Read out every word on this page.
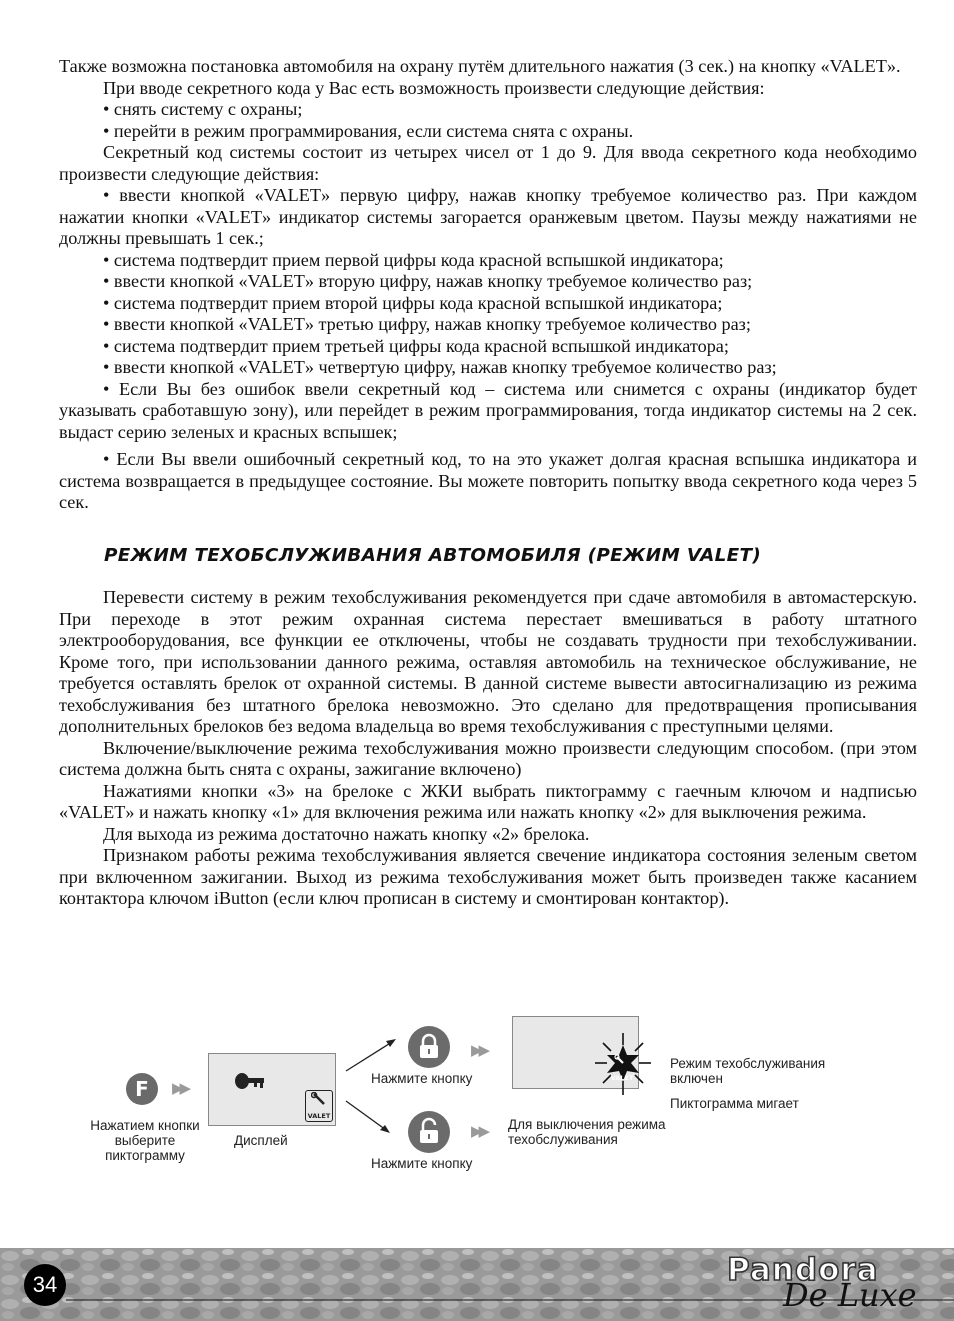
Также возможна постановка автомобиля на охрану путём длительного нажатия (3 сек.) на кнопку «VALET».

При вводе секретного кода у Вас есть возможность произвести следующие действия:

• снять систему с охраны;

• перейти в режим программирования, если система снята с охраны.

Секретный код системы состоит из четырех чисел от 1 до 9. Для ввода секретного кода необходимо произвести следующие действия:

• ввести кнопкой «VALET» первую цифру, нажав кнопку требуемое количество раз. При каждом нажатии кнопки «VALET» индикатор системы загорается оранжевым цветом. Паузы между нажатиями не должны превышать 1 сек.;

• система подтвердит прием первой цифры кода красной вспышкой индикатора;

• ввести кнопкой «VALET» вторую цифру, нажав кнопку требуемое количество раз;

• система подтвердит прием второй цифры кода красной вспышкой индикатора;

• ввести кнопкой «VALET» третью цифру, нажав кнопку требуемое количество раз;

• система подтвердит прием третьей цифры кода красной вспышкой индикатора;

• ввести кнопкой «VALET» четвертую цифру, нажав кнопку требуемое количество раз;

• Если Вы без ошибок ввели секретный код – система или снимется с охраны (индикатор будет указывать сработавшую зону), или перейдет в режим программирования, тогда индикатор системы на 2 сек. выдаст серию зеленых и красных вспышек;

• Если Вы ввели ошибочный секретный код, то на это укажет долгая красная вспышка индикатора и система возвращается в предыдущее состояние. Вы можете повторить попытку ввода секретного кода через 5 сек.

РЕЖИМ ТЕХОБСЛУЖИВАНИЯ АВТОМОБИЛЯ (РЕЖИМ VALET)

Перевести систему в режим техобслуживания рекомендуется при сдаче автомобиля в автомастерскую. При переходе в этот режим охранная система перестает вмешиваться в работу штатного электрооборудования, все функции ее отключены, чтобы не создавать трудности при техобслуживании. Кроме того, при использовании данного режима, оставляя автомобиль на техническое обслуживание, не требуется оставлять брелок от охранной системы. В данной системе вывести автосигнализацию из режима техобслуживания без штатного брелока невозможно. Это сделано для предотвращения прописывания дополнительных брелоков без ведома владельца во время техобслуживания с преступными целями.

Включение/выключение режима техобслуживания можно произвести следующим способом. (при этом система должна быть снята с охраны, зажигание включено)

Нажатиями кнопки «3» на брелоке с ЖКИ выбрать пиктограмму с гаечным ключом и надписью «VALET» и нажать кнопку «1» для включения режима или нажать кнопку «2» для выключения режима.

Для выхода из режима достаточно нажать кнопку «2» брелока.

Признаком работы режима техобслуживания является свечение индикатора состояния зеленым светом при включенном зажигании. Выход из режима техобслуживания может быть произведен также касанием контактора ключом iButton (если ключ прописан в систему и смонтирован контактор).

F	▶▶
Нажатием кнопки
выберите
пиктограмму
VALET
Дисплей
▶▶
Нажмите кнопку
▶▶
Нажмите кнопку
VALET
Режим техобслуживания
включен
Пиктограмма мигает
Для выключения режима
техобслуживания
34	Pandora
De Luxe
